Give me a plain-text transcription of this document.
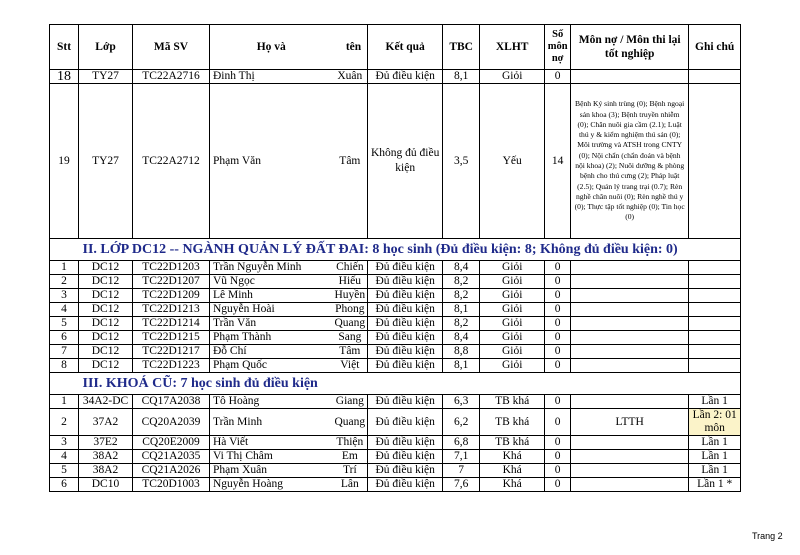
Stt	Lớp	Mã SV	Họ và	tên	Kết quả	TBC	XLHT	Số môn nợ	Môn nợ / Môn thi lại tốt nghiệp	Ghi chú
18	TY27	TC22A2716	Đinh Thị	Xuân	Đủ điều kiện	8,1	Giỏi	0		
19	TY27	TC22A2712	Phạm Văn	Tâm	Không đủ điều kiện	3,5	Yếu	14	Bệnh Ký sinh trùng (0); Bệnh ngoại sản khoa (3); Bệnh truyền nhiễm (0); Chăn nuôi gia cầm (2.1); Luật thú y & kiểm nghiệm thú sản (0); Môi trường và ATSH trong CNTY (0); Nội chẩn (chẩn đoán và bệnh nội khoa) (2); Nuôi dưỡng & phòng bệnh cho thú cưng (2); Pháp luật (2.5); Quản lý trang trại (0.7); Rèn nghề chăn nuôi (0); Rèn nghề thú y (0); Thực tập tốt nghiệp (0); Tin học (0)	
	II. LỚP DC12 -- NGÀNH QUẢN LÝ ĐẤT ĐAI: 8 học sinh (Đủ điều kiện: 8; Không đủ điều kiện: 0)									
1	DC12	TC22D1203	Trần Nguyễn Minh	Chiến	Đủ điều kiện	8,4	Giỏi	0		
2	DC12	TC22D1207	Vũ Ngọc	Hiếu	Đủ điều kiện	8,2	Giỏi	0		
3	DC12	TC22D1209	Lê Minh	Huyền	Đủ điều kiện	8,2	Giỏi	0		
4	DC12	TC22D1213	Nguyễn Hoài	Phong	Đủ điều kiện	8,1	Giỏi	0		
5	DC12	TC22D1214	Trần Văn	Quang	Đủ điều kiện	8,2	Giỏi	0		
6	DC12	TC22D1215	Phạm Thành	Sang	Đủ điều kiện	8,4	Giỏi	0		
7	DC12	TC22D1217	Đỗ Chí	Tâm	Đủ điều kiện	8,8	Giỏi	0		
8	DC12	TC22D1223	Phạm Quốc	Việt	Đủ điều kiện	8,1	Giỏi	0		
	III. KHOÁ CŨ: 7 học sinh đủ điều kiện									
1	34A2-DC	CQ17A2038	Tô Hoàng	Giang	Đủ điều kiện	6,3	TB khá	0		Lần 1
2	37A2	CQ20A2039	Trần Minh	Quang	Đủ điều kiện	6,2	TB khá	0	LTTH	Lần 2: 01 môn
3	37E2	CQ20E2009	Hà Viết	Thiện	Đủ điều kiện	6,8	TB khá	0		Lần 1
4	38A2	CQ21A2035	Vi Thị Châm	Em	Đủ điều kiện	7,1	Khá	0		Lần 1
5	38A2	CQ21A2026	Phạm Xuân	Trí	Đủ điều kiện	7	Khá	0		Lần 1
6	DC10	TC20D1003	Nguyễn Hoàng	Lân	Đủ điều kiện	7,6	Khá	0		Lần 1 *
Trang 2
